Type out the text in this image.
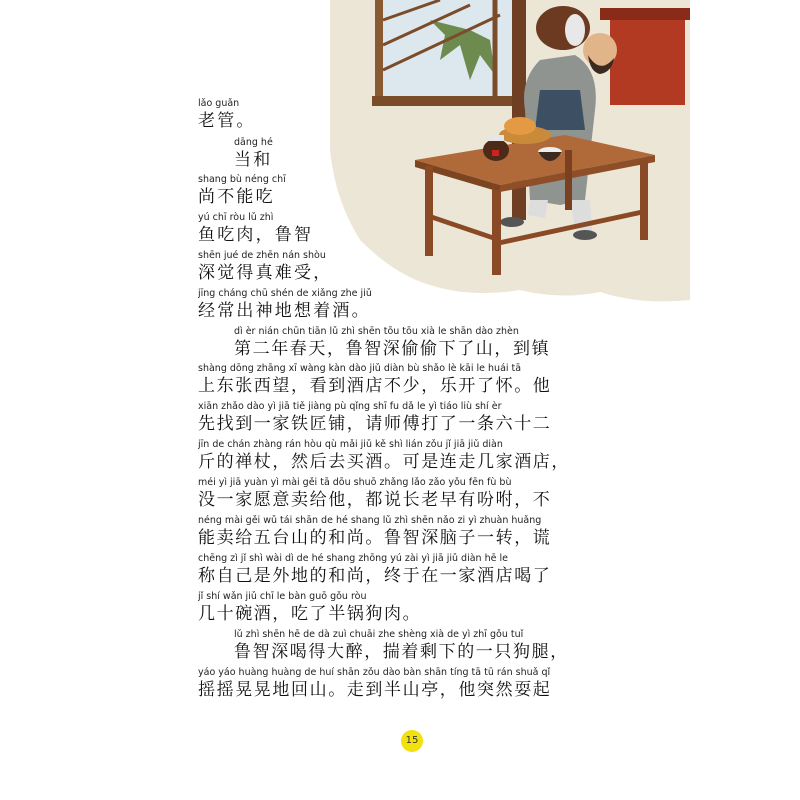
lǎo guǎn
老管。
dāng hé
当和
shang bù néng chī
尚不能吃
yú chī ròu lǔ zhì
鱼吃肉，鲁智
shēn jué de zhēn nán shòu
深觉得真难受，
jīng cháng chū shén de xiǎng zhe jiǔ
经常出神地想着酒。
dì èr nián chūn tiān lǔ zhì shēn tōu tōu xià le shān dào zhèn
第二年春天，鲁智深偷偷下了山，到镇
shàng dōng zhāng xī wàng kàn dào jiǔ diàn bù shǎo lè kāi le huái tā
上东张西望，看到酒店不少，乐开了怀。他
xiān zhǎo dào yì jiā tiě jiàng pù qǐng shī fu dǎ le yì tiáo liù shí èr
先找到一家铁匠铺，请师傅打了一条六十二
jīn de chán zhàng rán hòu qù mǎi jiǔ kě shì lián zǒu jǐ jiā jiǔ diàn
斤的禅杖，然后去买酒。可是连走几家酒店，
méi yì jiā yuàn yì mài gěi tā dōu shuō zhǎng lǎo zǎo yǒu fēn fù bù
没一家愿意卖给他，都说长老早有吩咐，不
néng mài gěi wǔ tái shān de hé shang lǔ zhì shēn nǎo zi yì zhuàn huǎng
能卖给五台山的和尚。鲁智深脑子一转，谎
chēng zì jǐ shì wài dì de hé shang zhōng yú zài yì jiā jiǔ diàn hē le
称自己是外地的和尚，终于在一家酒店喝了
jǐ shí wǎn jiǔ chī le bàn guō gǒu ròu
几十碗酒，吃了半锅狗肉。
lǔ zhì shēn hē de dà zuì chuāi zhe shèng xià de yì zhī gǒu tuǐ
鲁智深喝得大醉，揣着剩下的一只狗腿，
yáo yáo huàng huàng de huí shān zǒu dào bàn shān tíng tā tū rán shuǎ qǐ
摇摇晃晃地回山。走到半山亭，他突然耍起
15
